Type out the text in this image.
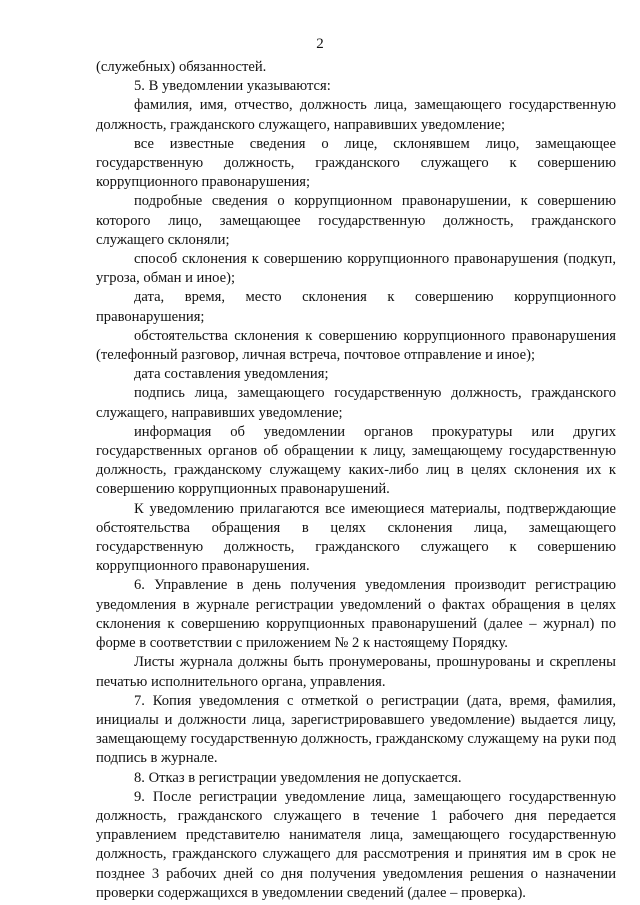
2

(служебных) обязанностей.

5. В уведомлении указываются:

фамилия, имя, отчество, должность лица, замещающего государственную должность, гражданского служащего, направивших уведомление;

все известные сведения о лице, склонявшем лицо, замещающее государственную должность, гражданского служащего к совершению коррупционного правонарушения;

подробные сведения о коррупционном правонарушении, к совершению которого лицо, замещающее государственную должность, гражданского служащего склоняли;

способ склонения к совершению коррупционного правонарушения (подкуп, угроза, обман и иное);

дата, время, место склонения к совершению коррупционного правонарушения;

обстоятельства склонения к совершению коррупционного правонарушения (телефонный разговор, личная встреча, почтовое отправление и иное);

дата составления уведомления;

подпись лица, замещающего государственную должность, гражданского служащего, направивших уведомление;

информация об уведомлении органов прокуратуры или других государственных органов об обращении к лицу, замещающему государственную должность, гражданскому служащему каких-либо лиц в целях склонения их к совершению коррупционных правонарушений.

К уведомлению прилагаются все имеющиеся материалы, подтверждающие обстоятельства обращения в целях склонения лица, замещающего государственную должность, гражданского служащего к совершению коррупционного правонарушения.

6. Управление в день получения уведомления производит регистрацию уведомления в журнале регистрации уведомлений о фактах обращения в целях склонения к совершению коррупционных правонарушений (далее – журнал) по форме в соответствии с приложением № 2 к настоящему Порядку.

Листы журнала должны быть пронумерованы, прошнурованы и скреплены печатью исполнительного органа, управления.

7. Копия уведомления с отметкой о регистрации (дата, время, фамилия, инициалы и должности лица, зарегистрировавшего уведомление) выдается лицу, замещающему государственную должность, гражданскому служащему на руки под подпись в журнале.

8. Отказ в регистрации уведомления не допускается.

9. После регистрации уведомление лица, замещающего государственную должность, гражданского служащего в течение 1 рабочего дня передается управлением представителю нанимателя лица, замещающего государственную должность, гражданского служащего для рассмотрения и принятия им в срок не позднее 3 рабочих дней со дня получения уведомления решения о назначении проверки содержащихся в уведомлении сведений (далее – проверка).
